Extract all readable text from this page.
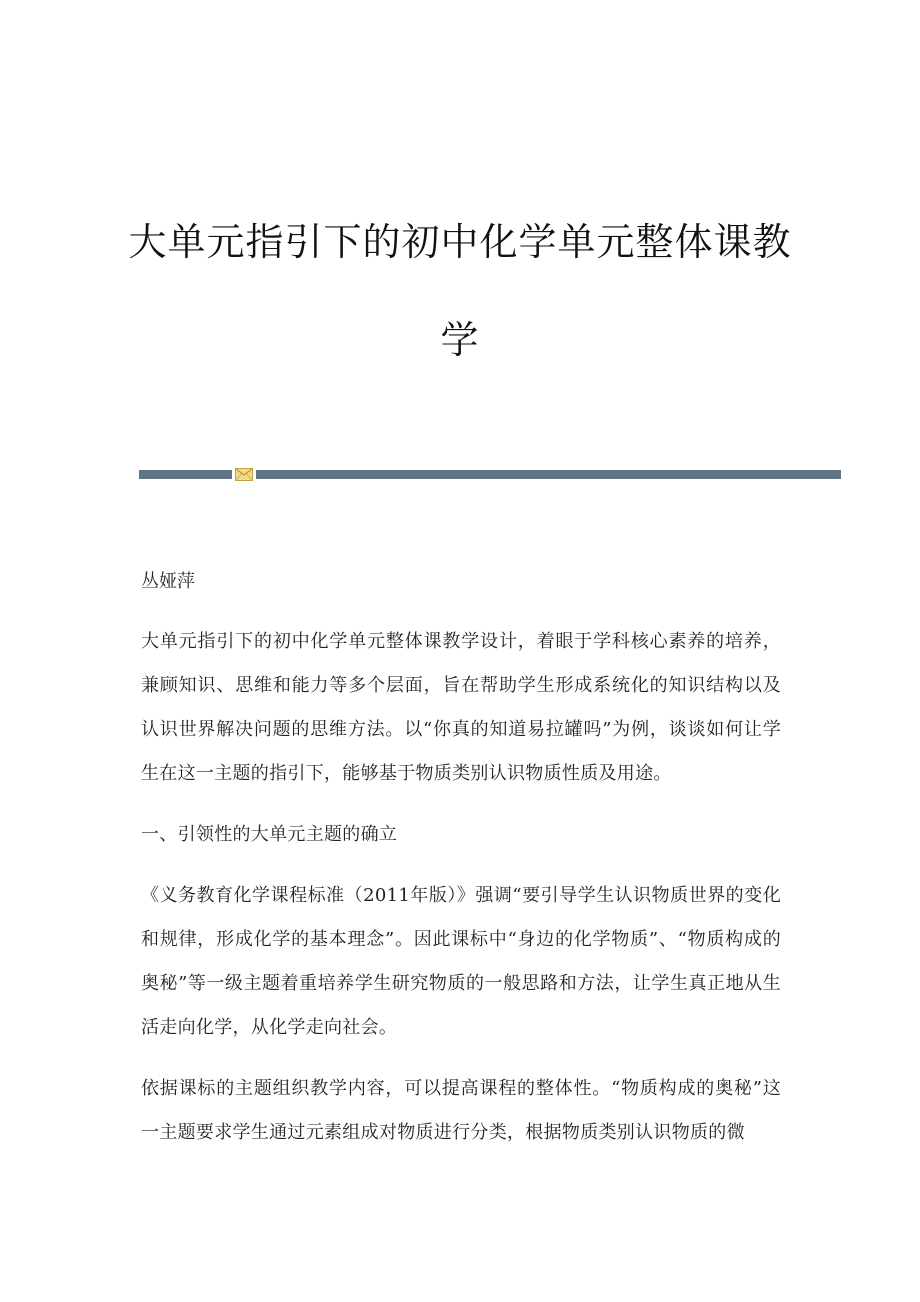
大单元指引下的初中化学单元整体课教
学

丛娅萍

大单元指引下的初中化学单元整体课教学设计，着眼于学科核心素养的培养，兼顾知识、思维和能力等多个层面，旨在帮助学生形成系统化的知识结构以及认识世界解决问题的思维方法。以“你真的知道易拉罐吗”为例，谈谈如何让学生在这一主题的指引下，能够基于物质类别认识物质性质及用途。

一、引领性的大单元主题的确立

《义务教育化学课程标准（2011年版）》强调“要引导学生认识物质世界的变化和规律，形成化学的基本理念”。因此课标中“身边的化学物质”、“物质构成的奥秘”等一级主题着重培养学生研究物质的一般思路和方法，让学生真正地从生活走向化学，从化学走向社会。

依据课标的主题组织教学内容，可以提高课程的整体性。“物质构成的奥秘”这一主题要求学生通过元素组成对物质进行分类，根据物质类别认识物质的微
